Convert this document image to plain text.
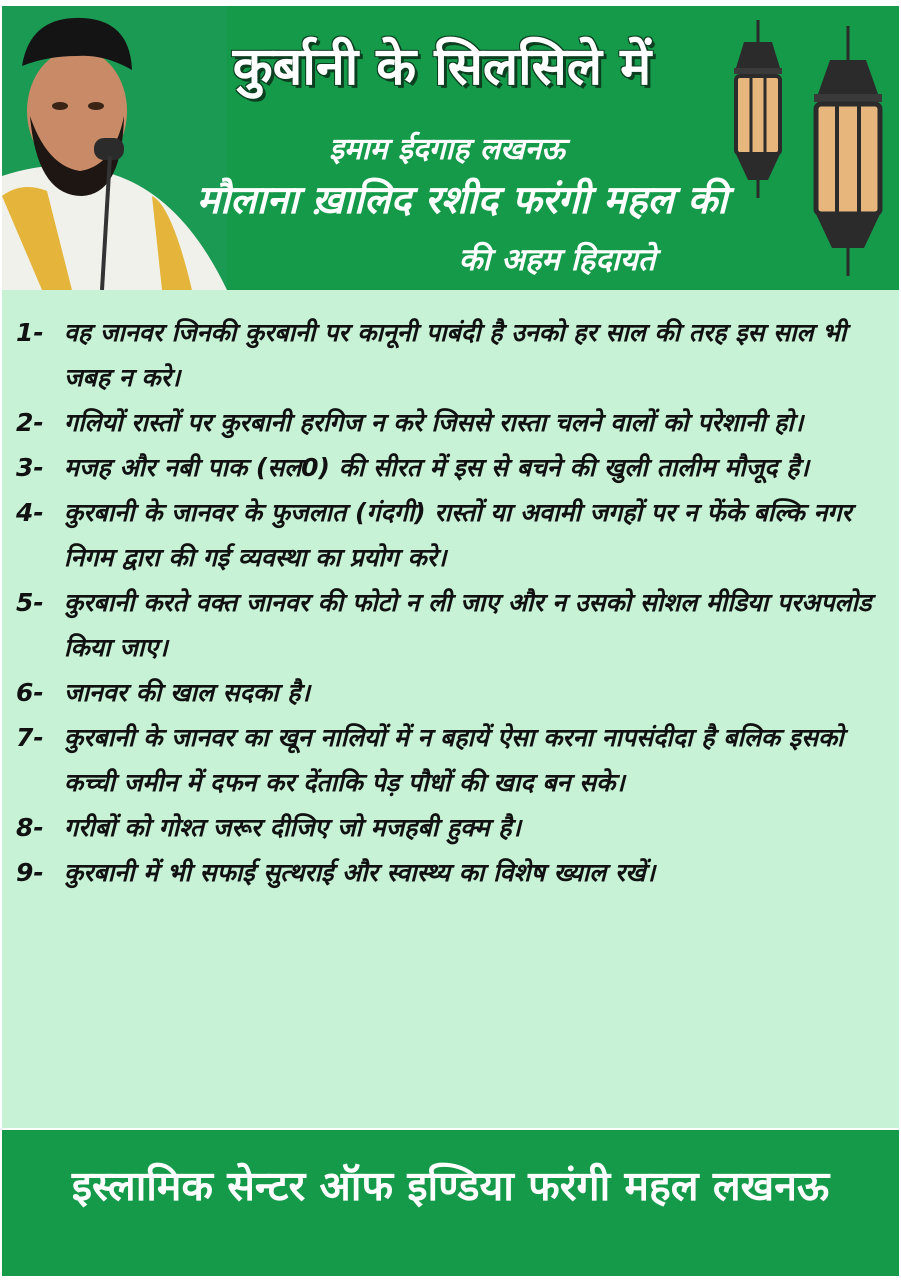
कुर्बानी के सिलसिले में
इमाम ईदगाह लखनऊ
मौलाना ख़ालिद रशीद फरंगी महल की
की अहम हिदायते
1- वह जानवर जिनकी कुरबानी पर कानूनी पाबंदी है उनको हर साल की तरह इस साल भी जबह न करे।
2- गलियों रास्तों पर कुरबानी हरगिज न करे जिससे रास्ता चलने वालों को परेशानी हो।
3- मजह और नबी पाक (सल0) की सीरत में इस से बचने की खुली तालीम मौजूद है।
4- कुरबानी के जानवर के फुजलात (गंदगी) रास्तों या अवामी जगहों पर न फेंके बल्कि नगर निगम द्वारा की गई व्यवस्था का प्रयोग करे।
5- कुरबानी करते वक्त जानवर की फोटो न ली जाए और न उसको सोशल मीडिया परअपलोड किया जाए।
6- जानवर की खाल सदका है।
7- कुरबानी के जानवर का खून नालियों में न बहायें ऐसा करना नापसंदीदा है बलिक इसको कच्ची जमीन में दफन कर देंताकि पेड़ पौधों की खाद बन सके।
8- गरीबों को गोश्त जरूर दीजिए जो मजहबी हुक्म है।
9- कुरबानी में भी सफाई सुत्थराई और स्वास्थ्य का विशेष ख्याल रखें।
इस्लामिक सेन्टर ऑफ इण्डिया फरंगी महल लखनऊ
